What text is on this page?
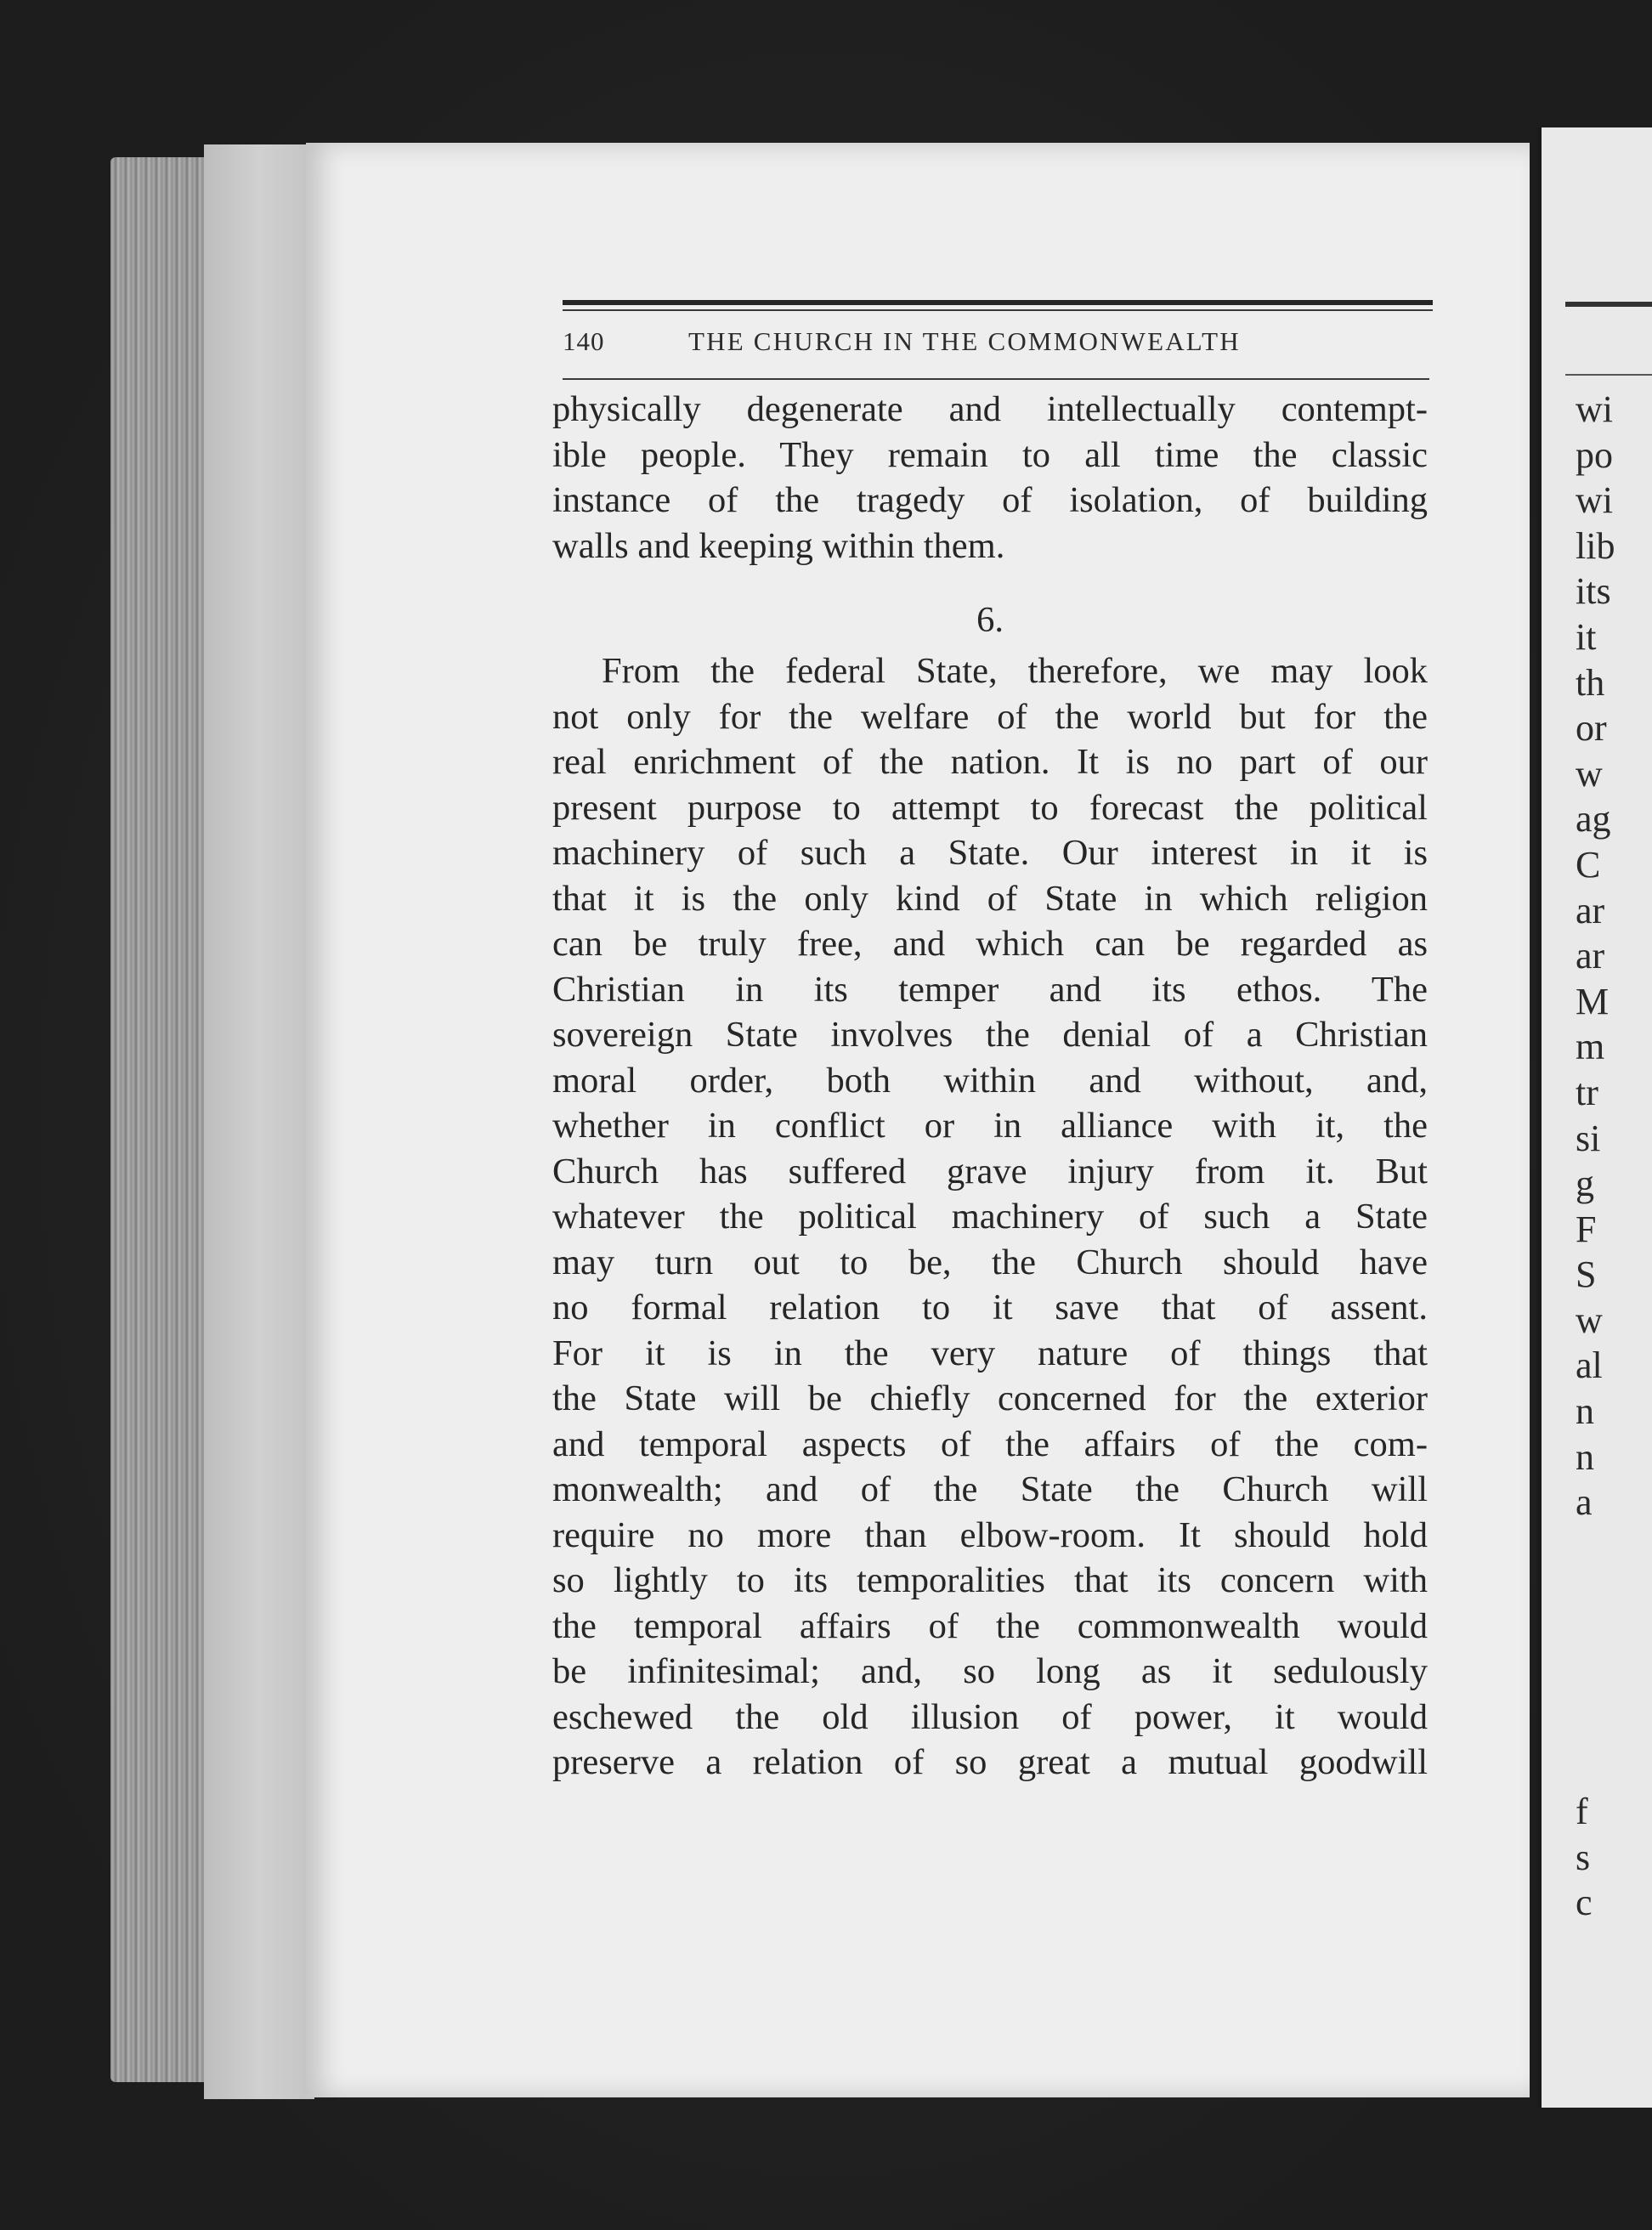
wi
po
wi
lib
its
it
th
or
w
ag
C
ar
ar
M
m
tr
si
g
F
S
w
al
n
n
a
f
s
c
140	THE CHURCH IN THE COMMONWEALTH
physically degenerate and intellectually contempt-
ible people. They remain to all time the classic
instance of the tragedy of isolation, of building
walls and keeping within them.
6.
From the federal State, therefore, we may look
not only for the welfare of the world but for the
real enrichment of the nation. It is no part of our
present purpose to attempt to forecast the political
machinery of such a State. Our interest in it is
that it is the only kind of State in which religion
can be truly free, and which can be regarded as
Christian in its temper and its ethos. The
sovereign State involves the denial of a Christian
moral order, both within and without, and,
whether in conflict or in alliance with it, the
Church has suffered grave injury from it. But
whatever the political machinery of such a State
may turn out to be, the Church should have
no formal relation to it save that of assent.
For it is in the very nature of things that
the State will be chiefly concerned for the exterior
and temporal aspects of the affairs of the com-
monwealth; and of the State the Church will
require no more than elbow-room. It should hold
so lightly to its temporalities that its concern with
the temporal affairs of the commonwealth would
be infinitesimal; and, so long as it sedulously
eschewed the old illusion of power, it would
preserve a relation of so great a mutual goodwill
